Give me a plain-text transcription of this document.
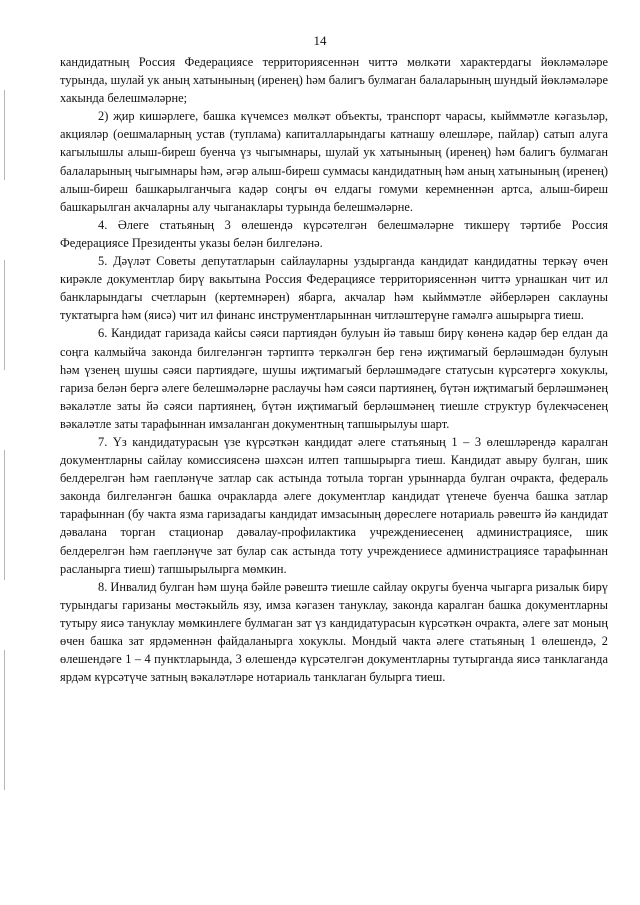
14

кандидатның Россия Федерациясе территориясеннән читтә мөлкәти характердагы йөкләмәләре турында, шулай ук аның хатынының (иренең) һәм балигъ булмаган балаларының шундый йөкләмәләре хакында белешмәләрне;

2) җир кишәрлеге, башка күчемсез мөлкәт объекты, транспорт чарасы, кыйммәтле кәгазьләр, акцияләр (оешмаларның устав (туплама) капиталларындагы катнашу өлешләре, пайлар) сатып алуга кагылышлы алыш-биреш буенча үз чыгымнары, шулай ук хатынының (иренең) һәм балигъ булмаган балаларының чыгымнары һәм, әгәр алыш-биреш суммасы кандидатның һәм аның хатынының (иренең) алыш-биреш башкарылганчыга кадәр соңгы өч елдагы гомуми керемненнән артса, алыш-биреш башкарылган акчаларны алу чыганаклары турында белешмәләрне.

4. Әлеге статьяның 3 өлешендә күрсәтелгән белешмәләрне тикшерү тәртибе Россия Федерациясе Президенты указы белән билгеләнә.

5. Дәүләт Советы депутатларын сайлауларны уздырганда кандидат кандидатны теркәү өчен кирәкле документлар бирү вакытына Россия Федерациясе территориясеннән читтә урнашкан чит ил банкларындагы счетларын (кертемнәрен) ябарга, акчалар һәм кыйммәтле әйберләрен саклауны туктатырга һәм (яисә) чит ил финанс инструментларыннан читләштерүне гамәлгә ашырырга тиеш.

6. Кандидат гаризада кайсы сәяси партиядән булуын йә тавыш бирү көненә кадәр бер елдан да соңга калмыйча законда билгеләнгән тәртиптә теркәлгән бер генә иҗтимагый берләшмәдән булуын һәм үзенең шушы сәяси партиядәге, шушы иҗтимагый берләшмәдәге статусын күрсәтергә хокуклы, гариза белән бергә әлеге белешмәләрне раслаучы һәм сәяси партиянең, бүтән иҗтимагый берләшмәнең вәкаләтле заты йә сәяси партиянең, бүтән иҗтимагый берләшмәнең тиешле структур бүлекчәсенең вәкаләтле заты тарафыннан имзаланган документның тапшырылуы шарт.

7. Үз кандидатурасын үзе күрсәткән кандидат әлеге статьяның 1 – 3 өлешләрендә каралган документларны сайлау комиссиясенә шәхсән илтеп тапшырырга тиеш. Кандидат авыру булган, шик белдерелгән һәм гаепләнүче затлар сак астында тотыла торган урыннарда булган очракта, федераль законда билгеләнгән башка очракларда әлеге документлар кандидат үтенече буенча башка затлар тарафыннан (бу чакта язма гаризадагы кандидат имзасының дөреслеге нотариаль рәвештә йә кандидат дәвалана торган стационар дәвалау-профилактика учреждениесенең администрациясе, шик белдерелгән һәм гаепләнүче зат булар сак астында тоту учреждениесе администрациясе тарафыннан расланырга тиеш) тапшырылырга мөмкин.

8. Инвалид булган һәм шуңа бәйле рәвештә тиешле сайлау округы буенча чыгарга ризалык бирү турындагы гаризаны мөстәкыйль язу, имза кәгазен тануклау, законда каралган башка документларны тутыру яисә тануклау мөмкинлеге булмаган зат үз кандидатурасын күрсәткән очракта, әлеге зат моның өчен башка зат ярдәменнән файдаланырга хокуклы. Мондый чакта әлеге статьяның 1 өлешендә, 2 өлешендәге 1 – 4 пунктларында, 3 өлешендә күрсәтелгән документларны тутырганда яисә танклаганда ярдәм күрсәтүче затның вәкаләтләре нотариаль танклаган булырга тиеш.
